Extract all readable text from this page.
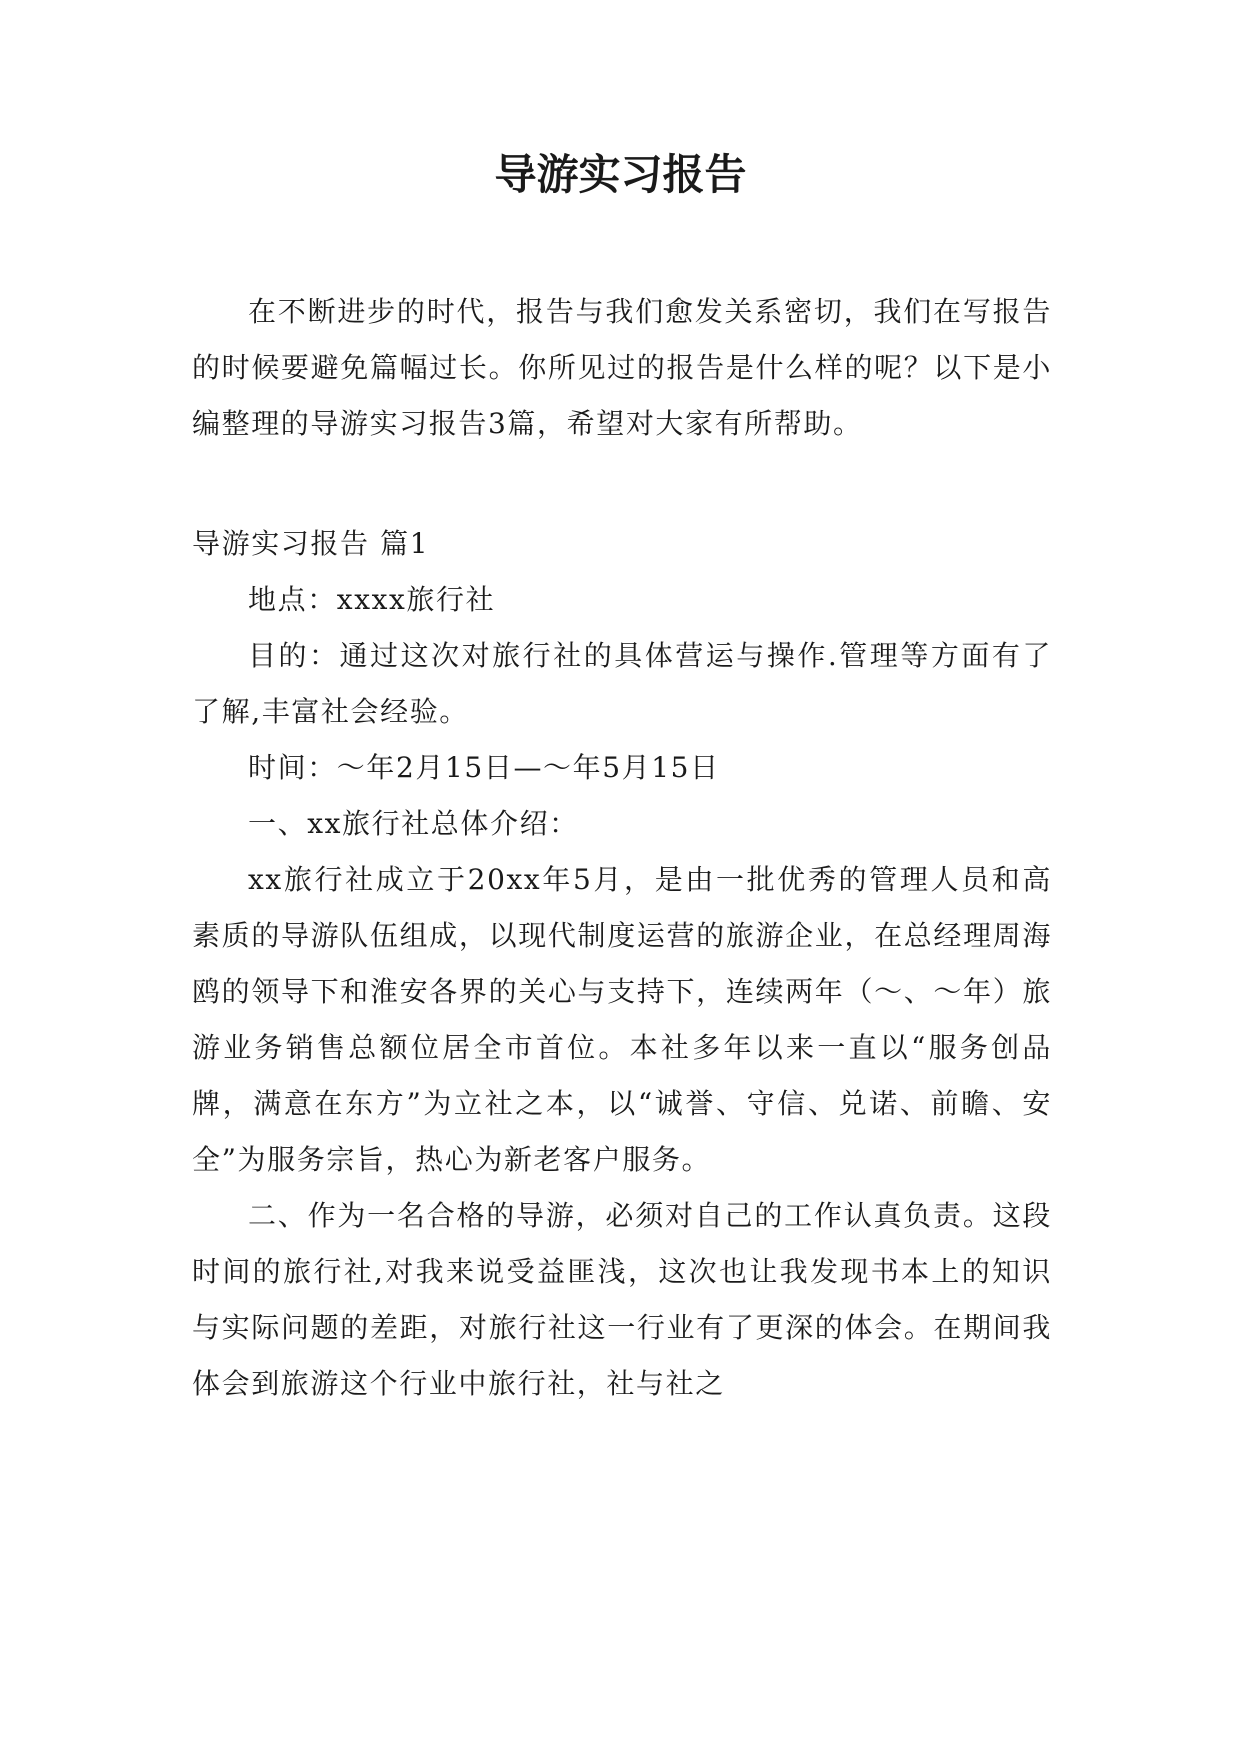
导游实习报告

在不断进步的时代，报告与我们愈发关系密切，我们在写报告的时候要避免篇幅过长。你所见过的报告是什么样的呢？以下是小编整理的导游实习报告3篇，希望对大家有所帮助。

导游实习报告 篇1

地点：xxxx旅行社

目的：通过这次对旅行社的具体营运与操作.管理等方面有了了解,丰富社会经验。

时间：～年2月15日—～年5月15日

一、xx旅行社总体介绍：

xx旅行社成立于20xx年5月，是由一批优秀的管理人员和高素质的导游队伍组成，以现代制度运营的旅游企业，在总经理周海鸥的领导下和淮安各界的关心与支持下，连续两年（～、～年）旅游业务销售总额位居全市首位。本社多年以来一直以“服务创品牌，满意在东方”为立社之本，以“诚誉、守信、兑诺、前瞻、安全”为服务宗旨，热心为新老客户服务。

二、作为一名合格的导游，必须对自己的工作认真负责。这段时间的旅行社,对我来说受益匪浅，这次也让我发现书本上的知识与实际问题的差距，对旅行社这一行业有了更深的体会。在期间我体会到旅游这个行业中旅行社，社与社之
